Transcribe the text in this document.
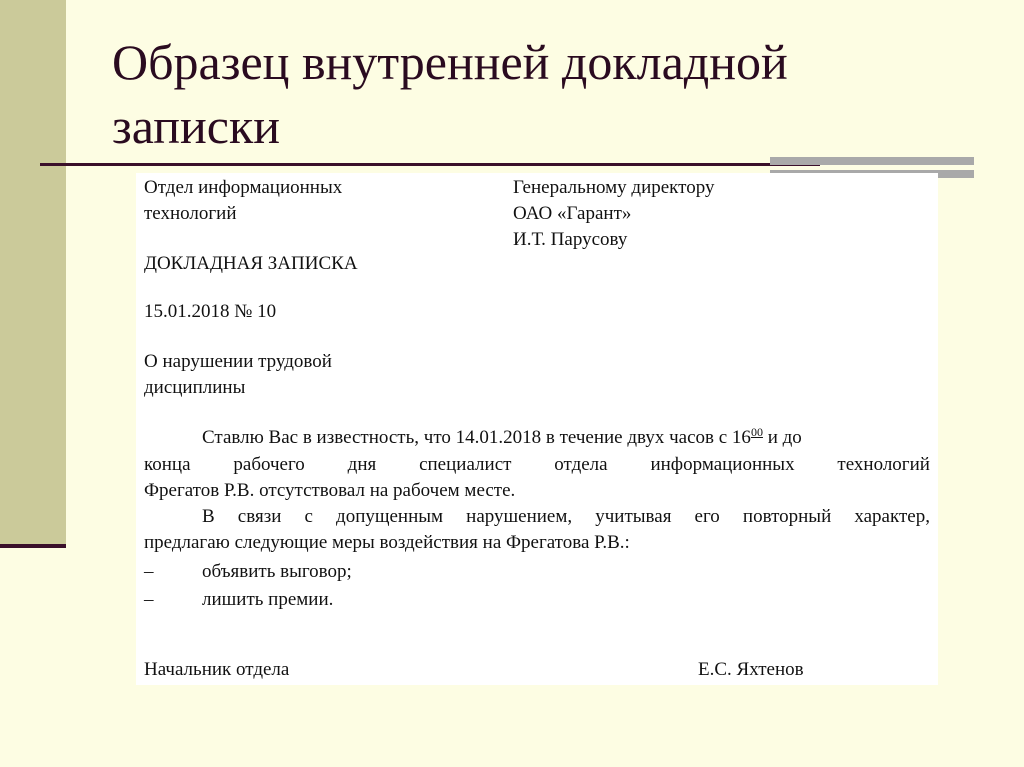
Образец внутренней докладной
записки
Отдел информационных
технологий
Генеральному директору
ОАО «Гарант»
И.Т. Парусову
ДОКЛАДНАЯ ЗАПИСКА
15.01.2018 № 10
О нарушении трудовой
дисциплины
Ставлю Вас в известность, что 14.01.2018 в течение двух часов с $16^{00}$ и до
конца рабочего дня специалист отдела информационных технологий
Фрегатов Р.В. отсутствовал на рабочем месте.
В связи с допущенным нарушением, учитывая его повторный характер,
предлагаю следующие меры воздействия на Фрегатова Р.В.:
–	объявить выговор;
–	лишить премии.
Начальник отдела	Е.С. Яхтенов
